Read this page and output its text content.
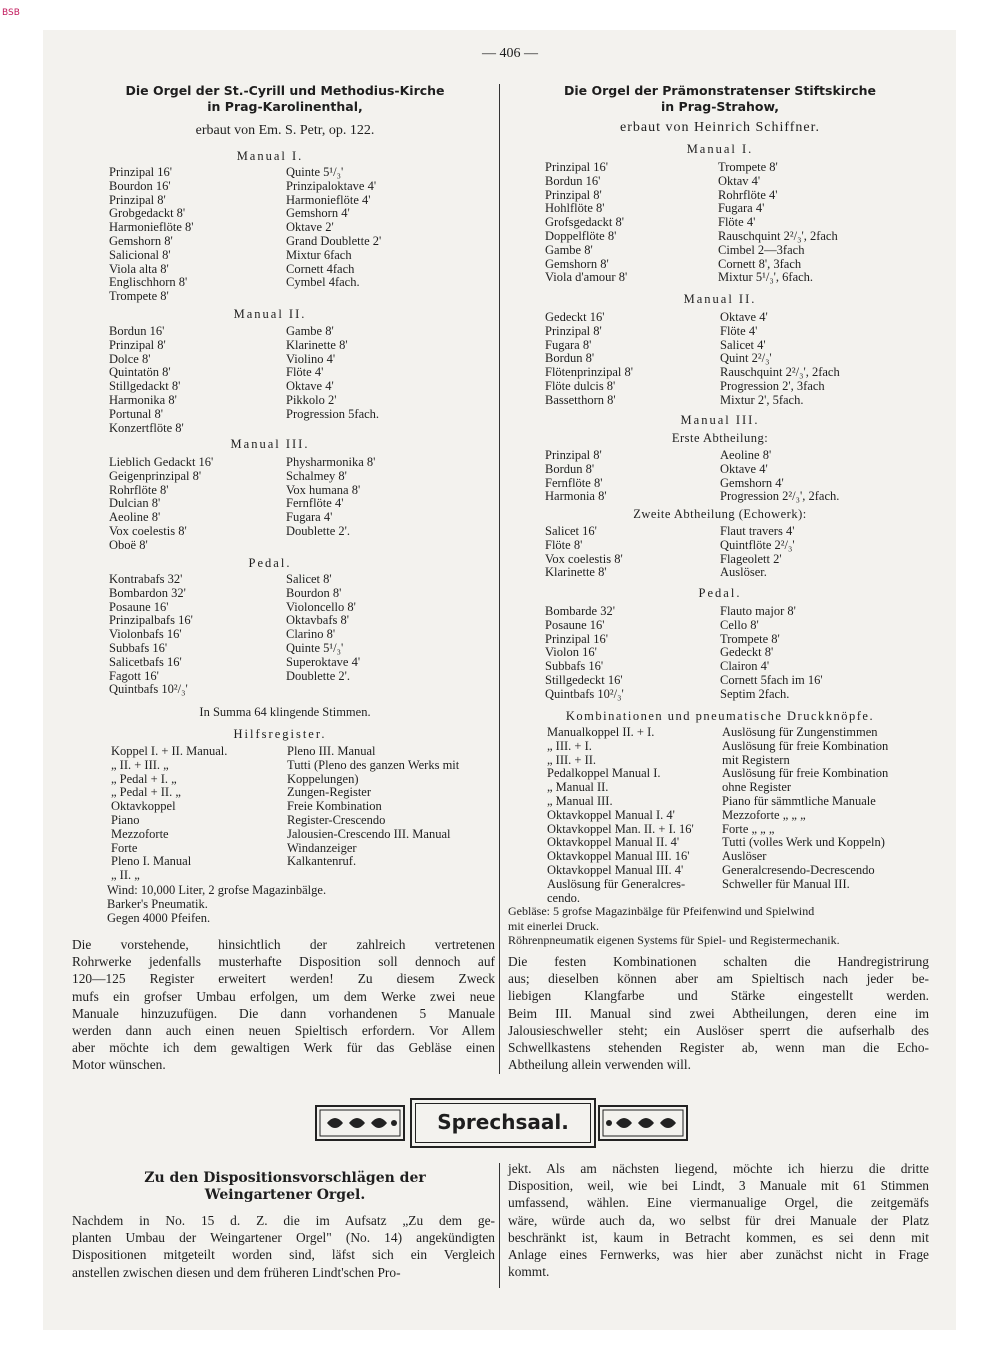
BSB
— 406 —
Die Orgel der St.-Cyrill und Methodius-Kirche
in Prag-Karolinenthal,
erbaut von Em. S. Petr, op. 122.
Manual I.
Prinzipal 16'
Bourdon 16'
Prinzipal 8'
Grobgedackt 8'
Harmonieflöte 8'
Gemshorn 8'
Salicional 8'
Viola alta 8'
Englischhorn 8'
Trompete 8'
Quinte 5¹/₃'
Prinzipaloktave 4'
Harmonieflöte 4'
Gemshorn 4'
Oktave 2'
Grand Doublette 2'
Mixtur 6fach
Cornett 4fach
Cymbel 4fach.
Manual II.
Bordun 16'
Prinzipal 8'
Dolce 8'
Quintatön 8'
Stillgedackt 8'
Harmonika 8'
Portunal 8'
Konzertflöte 8'
Gambe 8'
Klarinette 8'
Violino 4'
Flöte 4'
Oktave 4'
Pikkolo 2'
Progression 5fach.
Manual III.
Lieblich Gedackt 16'
Geigenprinzipal 8'
Rohrflöte 8'
Dulcian 8'
Aeoline 8'
Vox coelestis 8'
Oboë 8'
Physharmonika 8'
Schalmey 8'
Vox humana 8'
Fernflöte 4'
Fugara 4'
Doublette 2'.
Pedal.
Kontrabafs 32'
Bombardon 32'
Posaune 16'
Prinzipalbafs 16'
Violonbafs 16'
Subbafs 16'
Salicetbafs 16'
Fagott 16'
Quintbafs 10²/₃'
Salicet 8'
Bourdon 8'
Violoncello 8'
Oktavbafs 8'
Clarino 8'
Quinte 5¹/₃'
Superoktave 4'
Doublette 2'.
In Summa 64 klingende Stimmen.
Hilfsregister.
Koppel I. + II. Manual.
„ II. + III. „
„ Pedal + I. „
„ Pedal + II. „
Oktavkoppel
Piano
Mezzoforte
Forte
Pleno I. Manual
„ II. „
Pleno III. Manual
Tutti (Pleno des ganzen Werks mit
Koppelungen)
Zungen-Register
Freie Kombination
Register-Crescendo
Jalousien-Crescendo III. Manual
Windanzeiger
Kalkantenruf.
Wind: 10,000 Liter, 2 grofse Magazinbälge.
Barker's Pneumatik.
Gegen 4000 Pfeifen.
Die vorstehende, hinsichtlich der zahlreich vertretenen
Rohrwerke jedenfalls musterhafte Disposition soll dennoch auf
120—125 Register erweitert werden! Zu diesem Zweck
mufs ein grofser Umbau erfolgen, um dem Werke zwei neue
Manuale hinzuzufügen. Die dann vorhandenen 5 Manuale
werden dann auch einen neuen Spieltisch erfordern. Vor Allem
aber möchte ich dem gewaltigen Werk für das Gebläse einen
Motor wünschen.
Die Orgel der Prämonstratenser Stiftskirche
in Prag-Strahow,
erbaut von Heinrich Schiffner.
Manual I.
Prinzipal 16'
Bordun 16'
Prinzipal 8'
Hohlflöte 8'
Grofsgedackt 8'
Doppelflöte 8'
Gambe 8'
Gemshorn 8'
Viola d'amour 8'
Trompete 8'
Oktav 4'
Rohrflöte 4'
Fugara 4'
Flöte 4'
Rauschquint 2²/₃', 2fach
Cimbel 2—3fach
Cornett 8', 3fach
Mixtur 5¹/₃', 6fach.
Manual II.
Gedeckt 16'
Prinzipal 8'
Fugara 8'
Bordun 8'
Flötenprinzipal 8'
Flöte dulcis 8'
Bassetthorn 8'
Oktave 4'
Flöte 4'
Salicet 4'
Quint 2²/₃'
Rauschquint 2²/₃', 2fach
Progression 2', 3fach
Mixtur 2', 5fach.
Manual III.
Erste Abtheilung:
Prinzipal 8'
Bordun 8'
Fernflöte 8'
Harmonia 8'
Aeoline 8'
Oktave 4'
Gemshorn 4'
Progression 2²/₃', 2fach.
Zweite Abtheilung (Echowerk):
Salicet 16'
Flöte 8'
Vox coelestis 8'
Klarinette 8'
Flaut travers 4'
Quintflöte 2²/₃'
Flageolett 2'
Auslöser.
Pedal.
Bombarde 32'
Posaune 16'
Prinzipal 16'
Violon 16'
Subbafs 16'
Stillgedeckt 16'
Quintbafs 10²/₃'
Flauto major 8'
Cello 8'
Trompete 8'
Gedeckt 8'
Clairon 4'
Cornett 5fach im 16'
Septim 2fach.
Kombinationen und pneumatische Druckknöpfe.
Manualkoppel II. + I.
„ III. + I.
„ III. + II.
Pedalkoppel Manual I.
„ Manual II.
„ Manual III.
Oktavkoppel Manual I. 4'
Oktavkoppel Man. II. + I. 16'
Oktavkoppel Manual II. 4'
Oktavkoppel Manual III. 16'
Oktavkoppel Manual III. 4'
Auslösung für Generalcres-
cendo.
Auslösung für Zungenstimmen
Auslösung für freie Kombination
mit Registern
Auslösung für freie Kombination
ohne Register
Piano für sämmtliche Manuale
Mezzoforte „ „ „
Forte „ „ „
Tutti (volles Werk und Koppeln)
Auslöser
Generalcresendo-Decrescendo
Schweller für Manual III.
Gebläse: 5 grofse Magazinbälge für Pfeifenwind und Spielwind
mit einerlei Druck.
Röhrenpneumatik eigenen Systems für Spiel- und Registermechanik.
Die festen Kombinationen schalten die Handregistrirung
aus; dieselben können aber am Spieltisch nach jeder be-
liebigen Klangfarbe und Stärke eingestellt werden.
Beim III. Manual sind zwei Abtheilungen, deren eine im
Jalousieschweller steht; ein Auslöser sperrt die aufserhalb des
Schwellkastens stehenden Register ab, wenn man die Echo-
Abtheilung allein verwenden will.
Sprechsaal.
Zu den Dispositionsvorschlägen der
Weingartener Orgel.
Nachdem in No. 15 d. Z. die im Aufsatz „Zu dem ge-
planten Umbau der Weingartener Orgel" (No. 14) angekündigten
Dispositionen mitgeteilt worden sind, läfst sich ein Vergleich
anstellen zwischen diesen und dem früheren Lindt'schen Pro-
jekt. Als am nächsten liegend, möchte ich hierzu die dritte
Disposition, weil, wie bei Lindt, 3 Manuale mit 61 Stimmen
umfassend, wählen. Eine viermanualige Orgel, die zeitgemäfs
wäre, würde auch da, wo selbst für drei Manuale der Platz
beschränkt ist, kaum in Betracht kommen, es sei denn mit
Anlage eines Fernwerks, was hier aber zunächst nicht in Frage
kommt.
